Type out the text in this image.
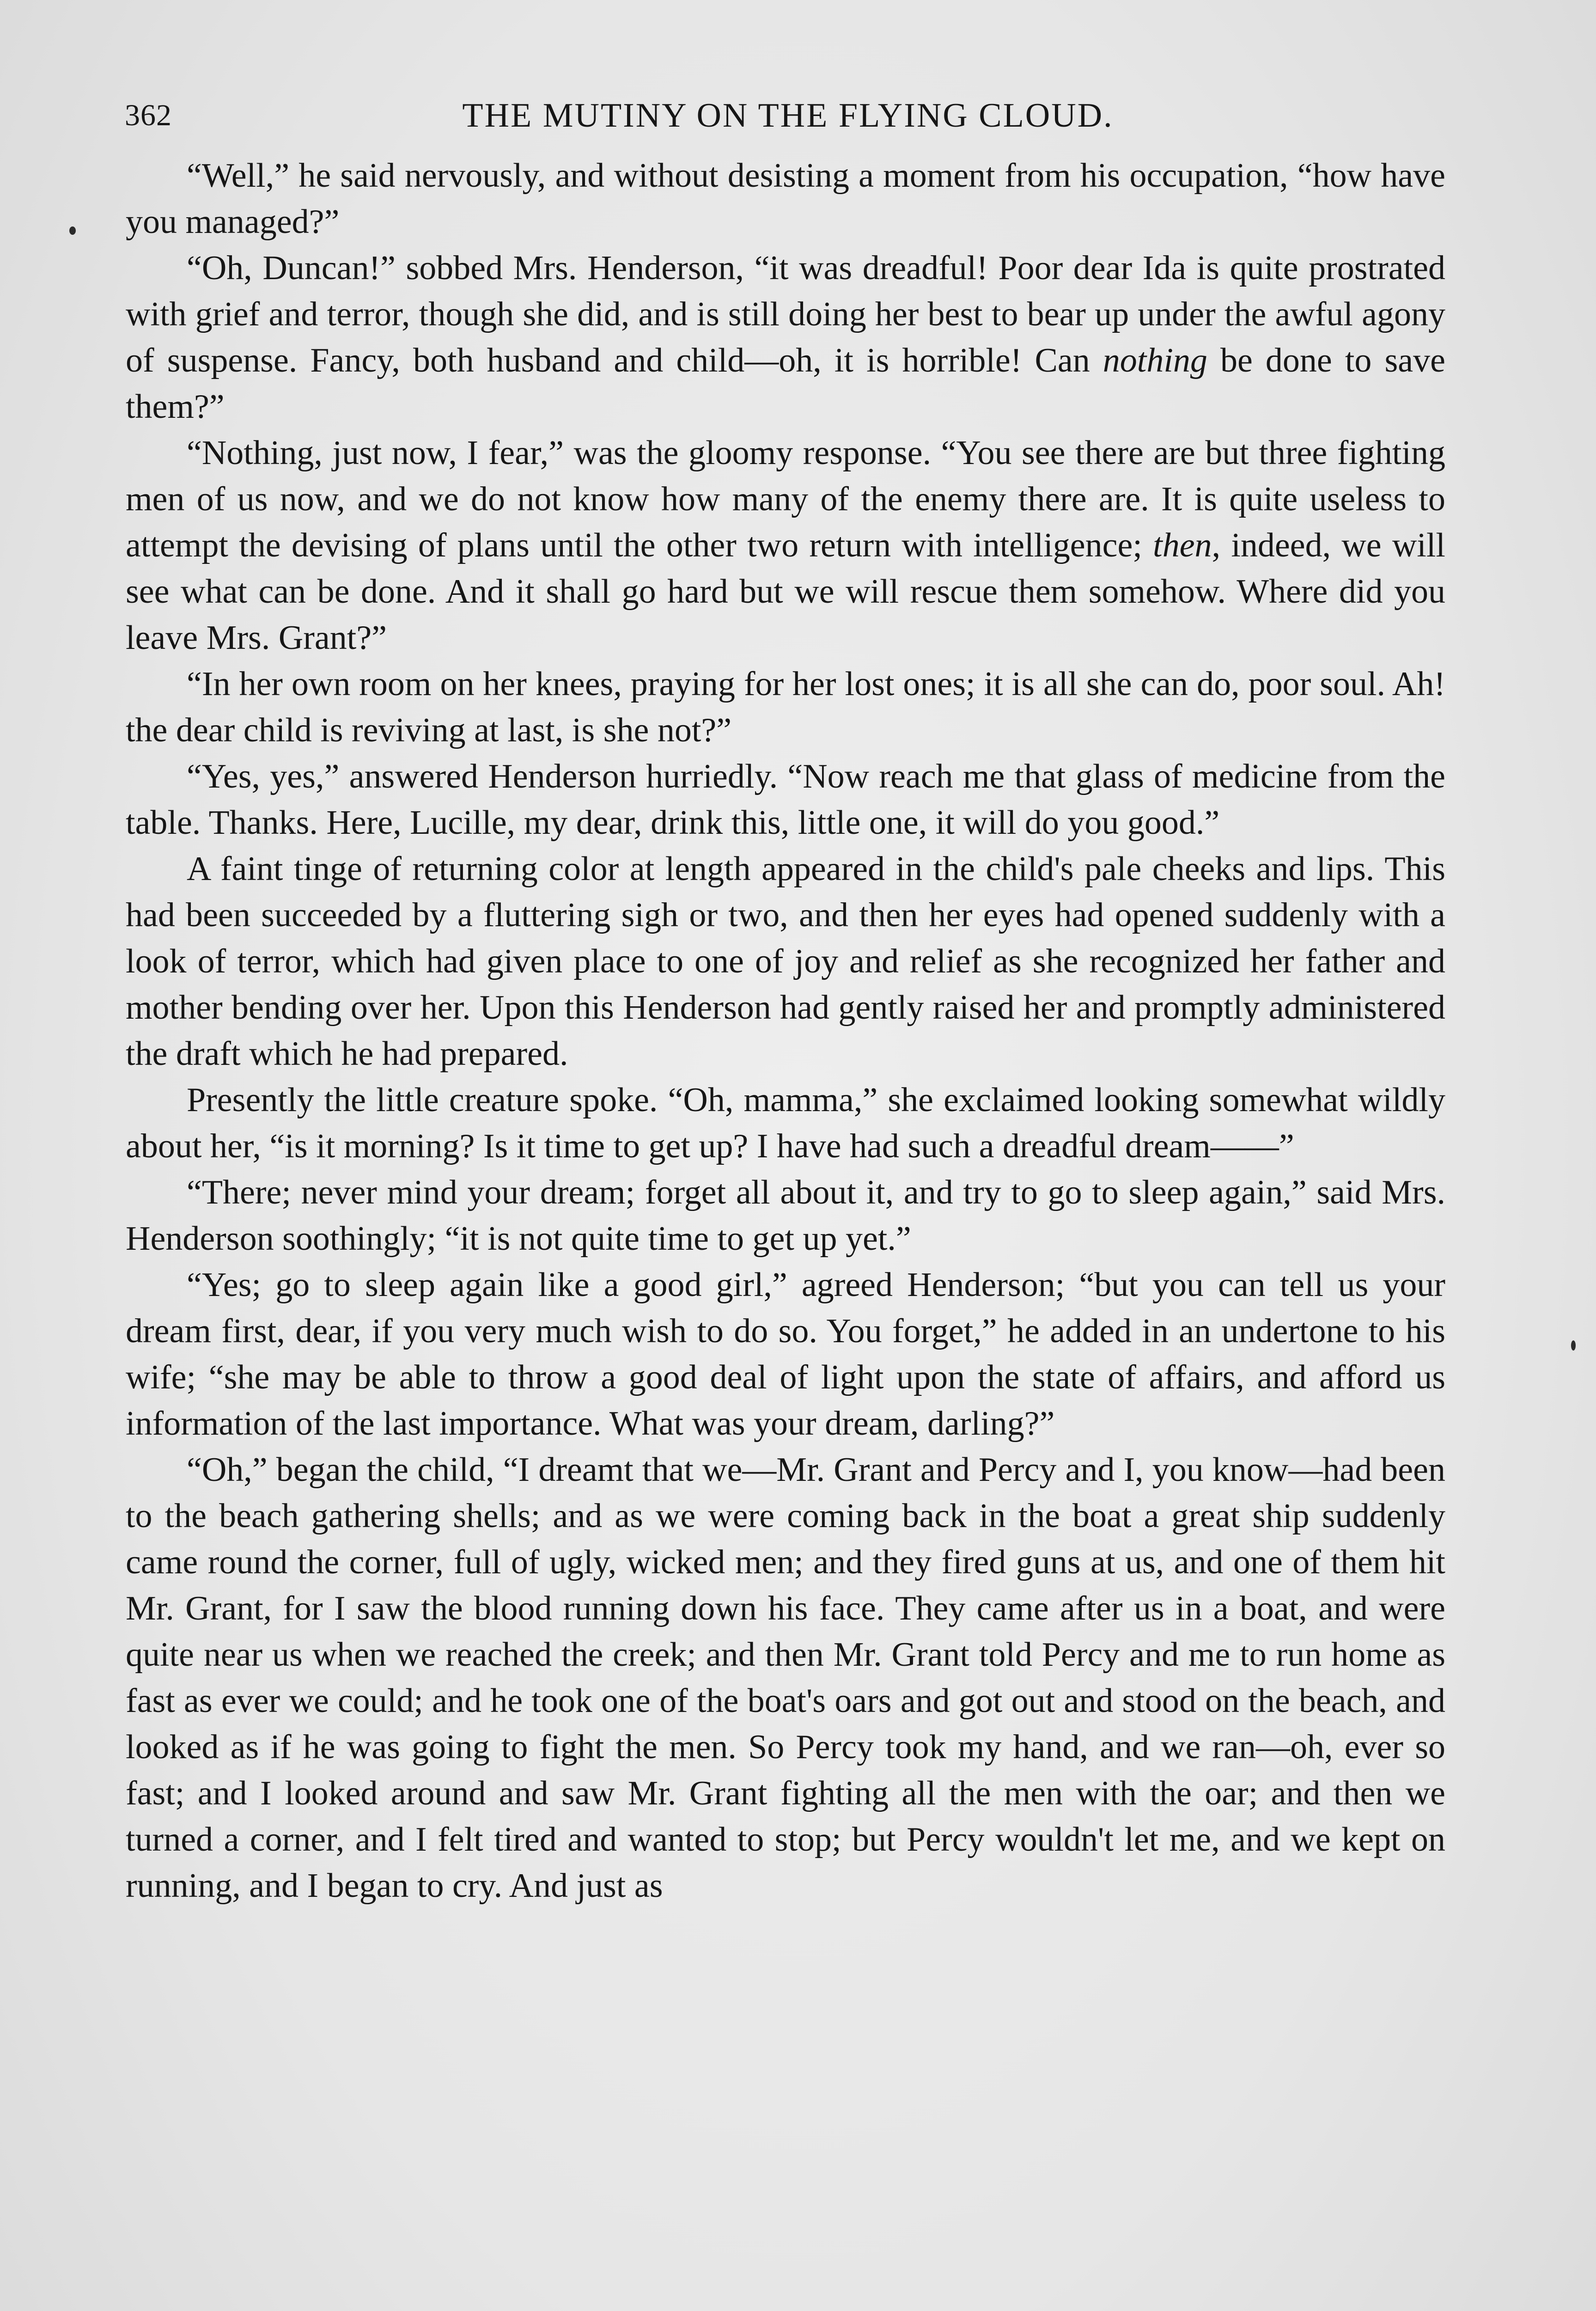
362	THE MUTINY ON THE FLYING CLOUD.

“Well,” he said nervously, and without desisting a moment from his occupation, “how have you managed?”

“Oh, Duncan!” sobbed Mrs. Henderson, “it was dreadful! Poor dear Ida is quite prostrated with grief and terror, though she did, and is still doing her best to bear up under the awful agony of suspense. Fancy, both husband and child—oh, it is horrible! Can nothing be done to save them?”

“Nothing, just now, I fear,” was the gloomy response. “You see there are but three fighting men of us now, and we do not know how many of the enemy there are. It is quite useless to attempt the devising of plans until the other two return with intelligence; then, indeed, we will see what can be done. And it shall go hard but we will rescue them somehow. Where did you leave Mrs. Grant?”

“In her own room on her knees, praying for her lost ones; it is all she can do, poor soul. Ah! the dear child is reviving at last, is she not?”

“Yes, yes,” answered Henderson hurriedly. “Now reach me that glass of medicine from the table. Thanks. Here, Lucille, my dear, drink this, little one, it will do you good.”

A faint tinge of returning color at length appeared in the child's pale cheeks and lips. This had been succeeded by a fluttering sigh or two, and then her eyes had opened suddenly with a look of terror, which had given place to one of joy and relief as she recognized her father and mother bending over her. Upon this Henderson had gently raised her and promptly administered the draft which he had prepared.

Presently the little creature spoke. “Oh, mamma,” she exclaimed looking somewhat wildly about her, “is it morning? Is it time to get up? I have had such a dreadful dream——”

“There; never mind your dream; forget all about it, and try to go to sleep again,” said Mrs. Henderson soothingly; “it is not quite time to get up yet.”

“Yes; go to sleep again like a good girl,” agreed Henderson; “but you can tell us your dream first, dear, if you very much wish to do so. You forget,” he added in an undertone to his wife; “she may be able to throw a good deal of light upon the state of affairs, and afford us information of the last importance. What was your dream, darling?”

“Oh,” began the child, “I dreamt that we—Mr. Grant and Percy and I, you know—had been to the beach gathering shells; and as we were coming back in the boat a great ship suddenly came round the corner, full of ugly, wicked men; and they fired guns at us, and one of them hit Mr. Grant, for I saw the blood running down his face. They came after us in a boat, and were quite near us when we reached the creek; and then Mr. Grant told Percy and me to run home as fast as ever we could; and he took one of the boat's oars and got out and stood on the beach, and looked as if he was going to fight the men. So Percy took my hand, and we ran—oh, ever so fast; and I looked around and saw Mr. Grant fighting all the men with the oar; and then we turned a corner, and I felt tired and wanted to stop; but Percy wouldn't let me, and we kept on running, and I began to cry. And just as
